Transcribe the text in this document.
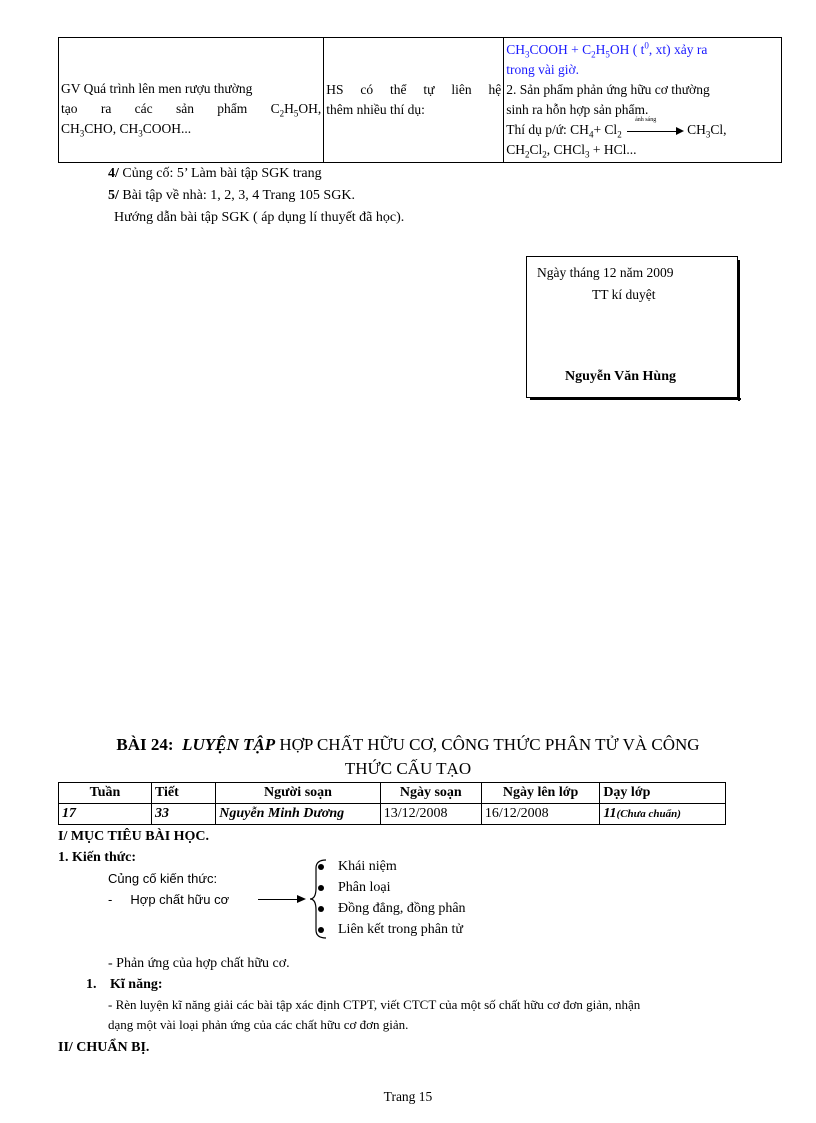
GV Quá trình lên men rượu thường
tạo ra các sản phẩm $C_2H_5OH$,
$CH_3CHO$, $CH_3COOH$...

HS có thể tự liên hệ
thêm nhiều thí dụ:

$CH_3COOH + C_2H_5OH$ ( $t^0$, xt) xảy ra
trong vài giờ.
2. Sản phẩm phản ứng hữu cơ thường
sinh ra hỗn hợp sản phẩm.
Thí dụ p/ứ: $CH_4+ Cl_2$
ánh sáng
$CH_3Cl$,
$CH_2Cl_2$, CHCl$_3$ + HCl...
4/ Củng cố: 5’ Làm bài tập SGK trang
5/ Bài tập về nhà: 1, 2, 3, 4 Trang 105 SGK.
Hướng dẫn bài tập SGK ( áp dụng lí thuyết đã học).
Ngày tháng 12 năm 2009
TT kí duyệt
Nguyễn Văn Hùng
BÀI 24: LUYỆN TẬP HỢP CHẤT HỮU CƠ, CÔNG THỨC PHÂN TỬ VÀ CÔNG
THỨC CẤU TẠO
Tuần	Tiết	Người soạn	Ngày soạn	Ngày lên lớp	Dạy lớp
17	33	Nguyễn Minh Dương	13/12/2008	16/12/2008	11(Chưa chuẩn)
I/ MỤC TIÊU BÀI HỌC.
1. Kiến thức:
Củng cố kiến thức:
- Hợp chất hữu cơ
Khái niệm
Phân loại
Đồng đẳng, đồng phân
Liên kết trong phân tử
- Phản ứng của hợp chất hữu cơ.
1. Kĩ năng:
- Rèn luyện kĩ năng giải các bài tập xác định CTPT, viết CTCT của một số chất hữu cơ đơn giản, nhận
dạng một vài loại phản ứng của các chất hữu cơ đơn giản.
II/ CHUẨN BỊ.
Trang 15
